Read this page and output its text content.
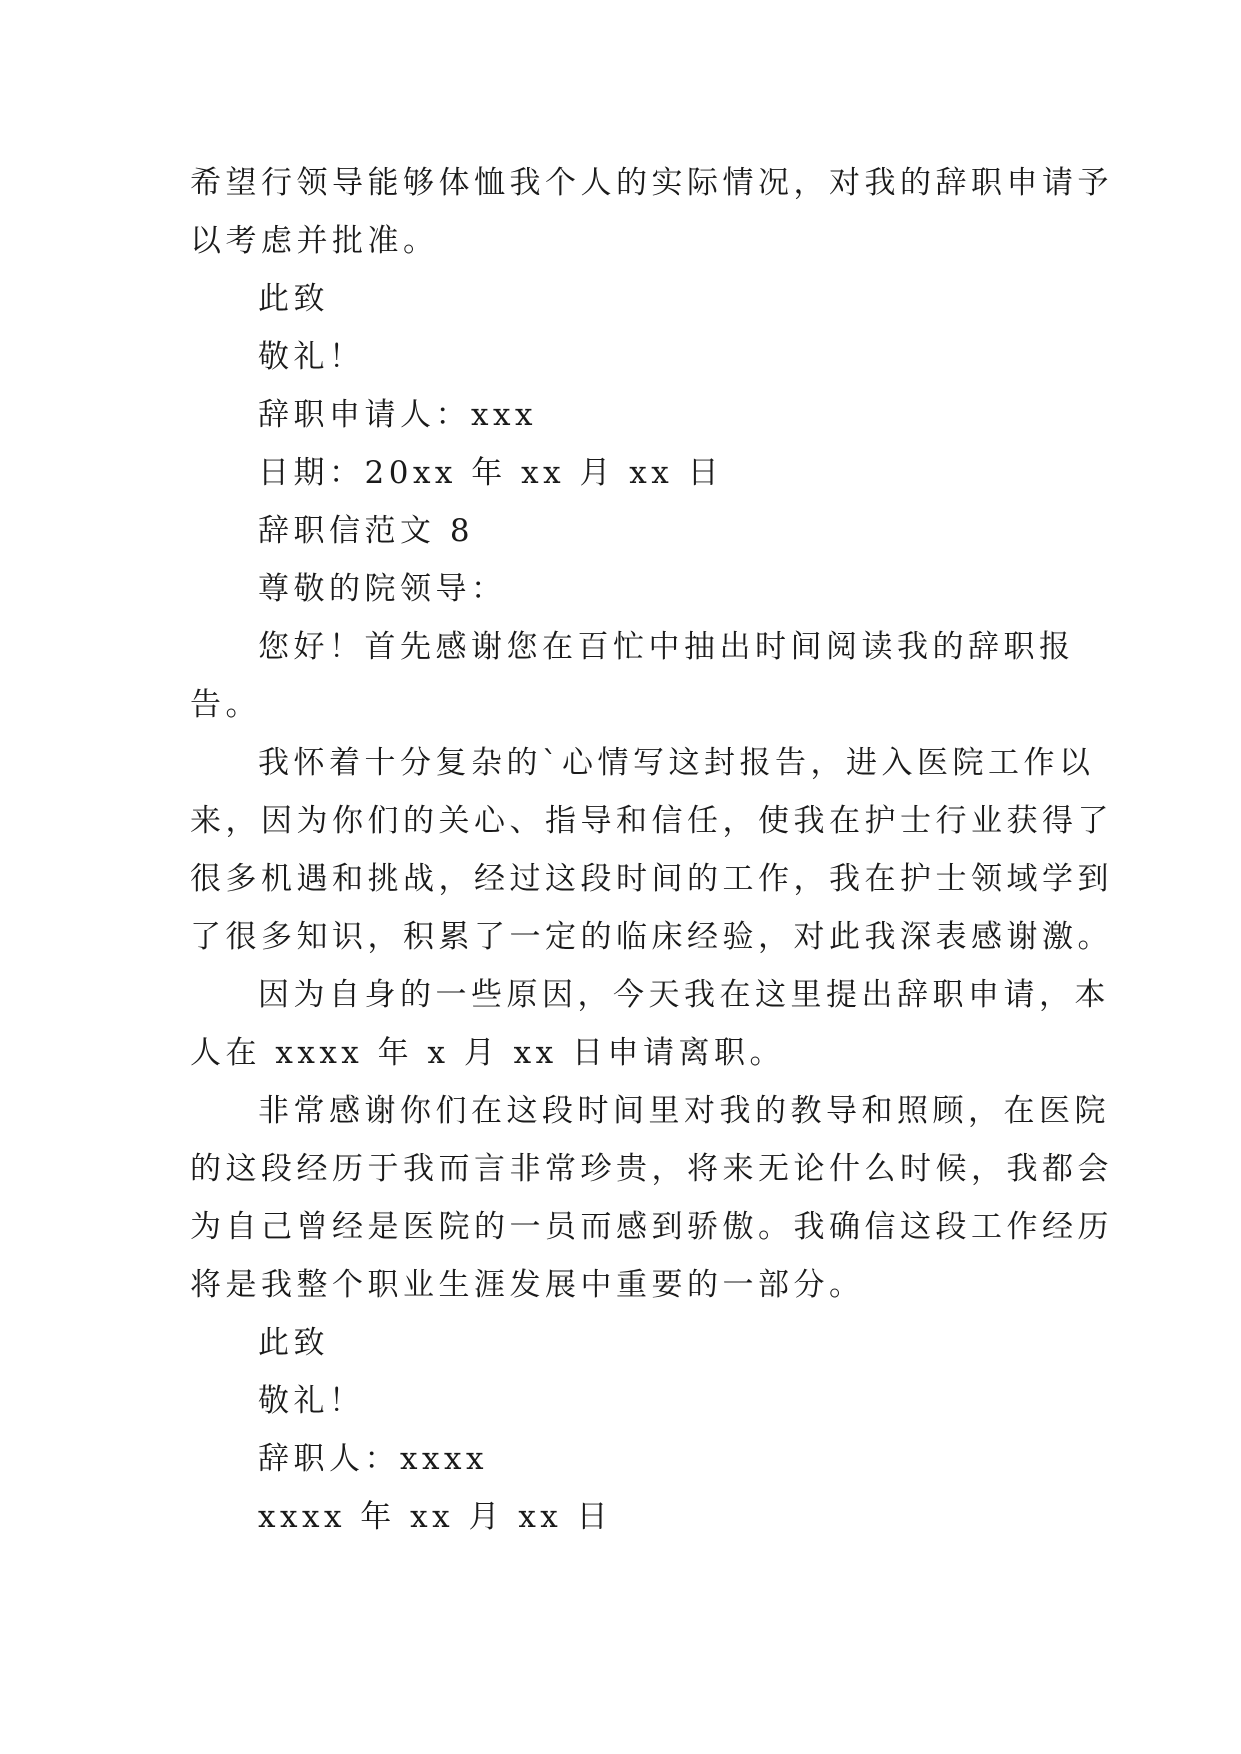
希望行领导能够体恤我个人的实际情况，对我的辞职申请予
以考虑并批准。
此致
敬礼！
辞职申请人：xxx
日期：20xx 年 xx 月 xx 日
辞职信范文 8
尊敬的院领导：
您好！首先感谢您在百忙中抽出时间阅读我的辞职报
告。
我怀着十分复杂的`心情写这封报告，进入医院工作以
来，因为你们的关心、指导和信任，使我在护士行业获得了
很多机遇和挑战，经过这段时间的工作，我在护士领域学到
了很多知识，积累了一定的临床经验，对此我深表感谢激。
因为自身的一些原因，今天我在这里提出辞职申请，本
人在 xxxx 年 x 月 xx 日申请离职。
非常感谢你们在这段时间里对我的教导和照顾，在医院
的这段经历于我而言非常珍贵，将来无论什么时候，我都会
为自己曾经是医院的一员而感到骄傲。我确信这段工作经历
将是我整个职业生涯发展中重要的一部分。
此致
敬礼！
辞职人：xxxx
xxxx 年 xx 月 xx 日
